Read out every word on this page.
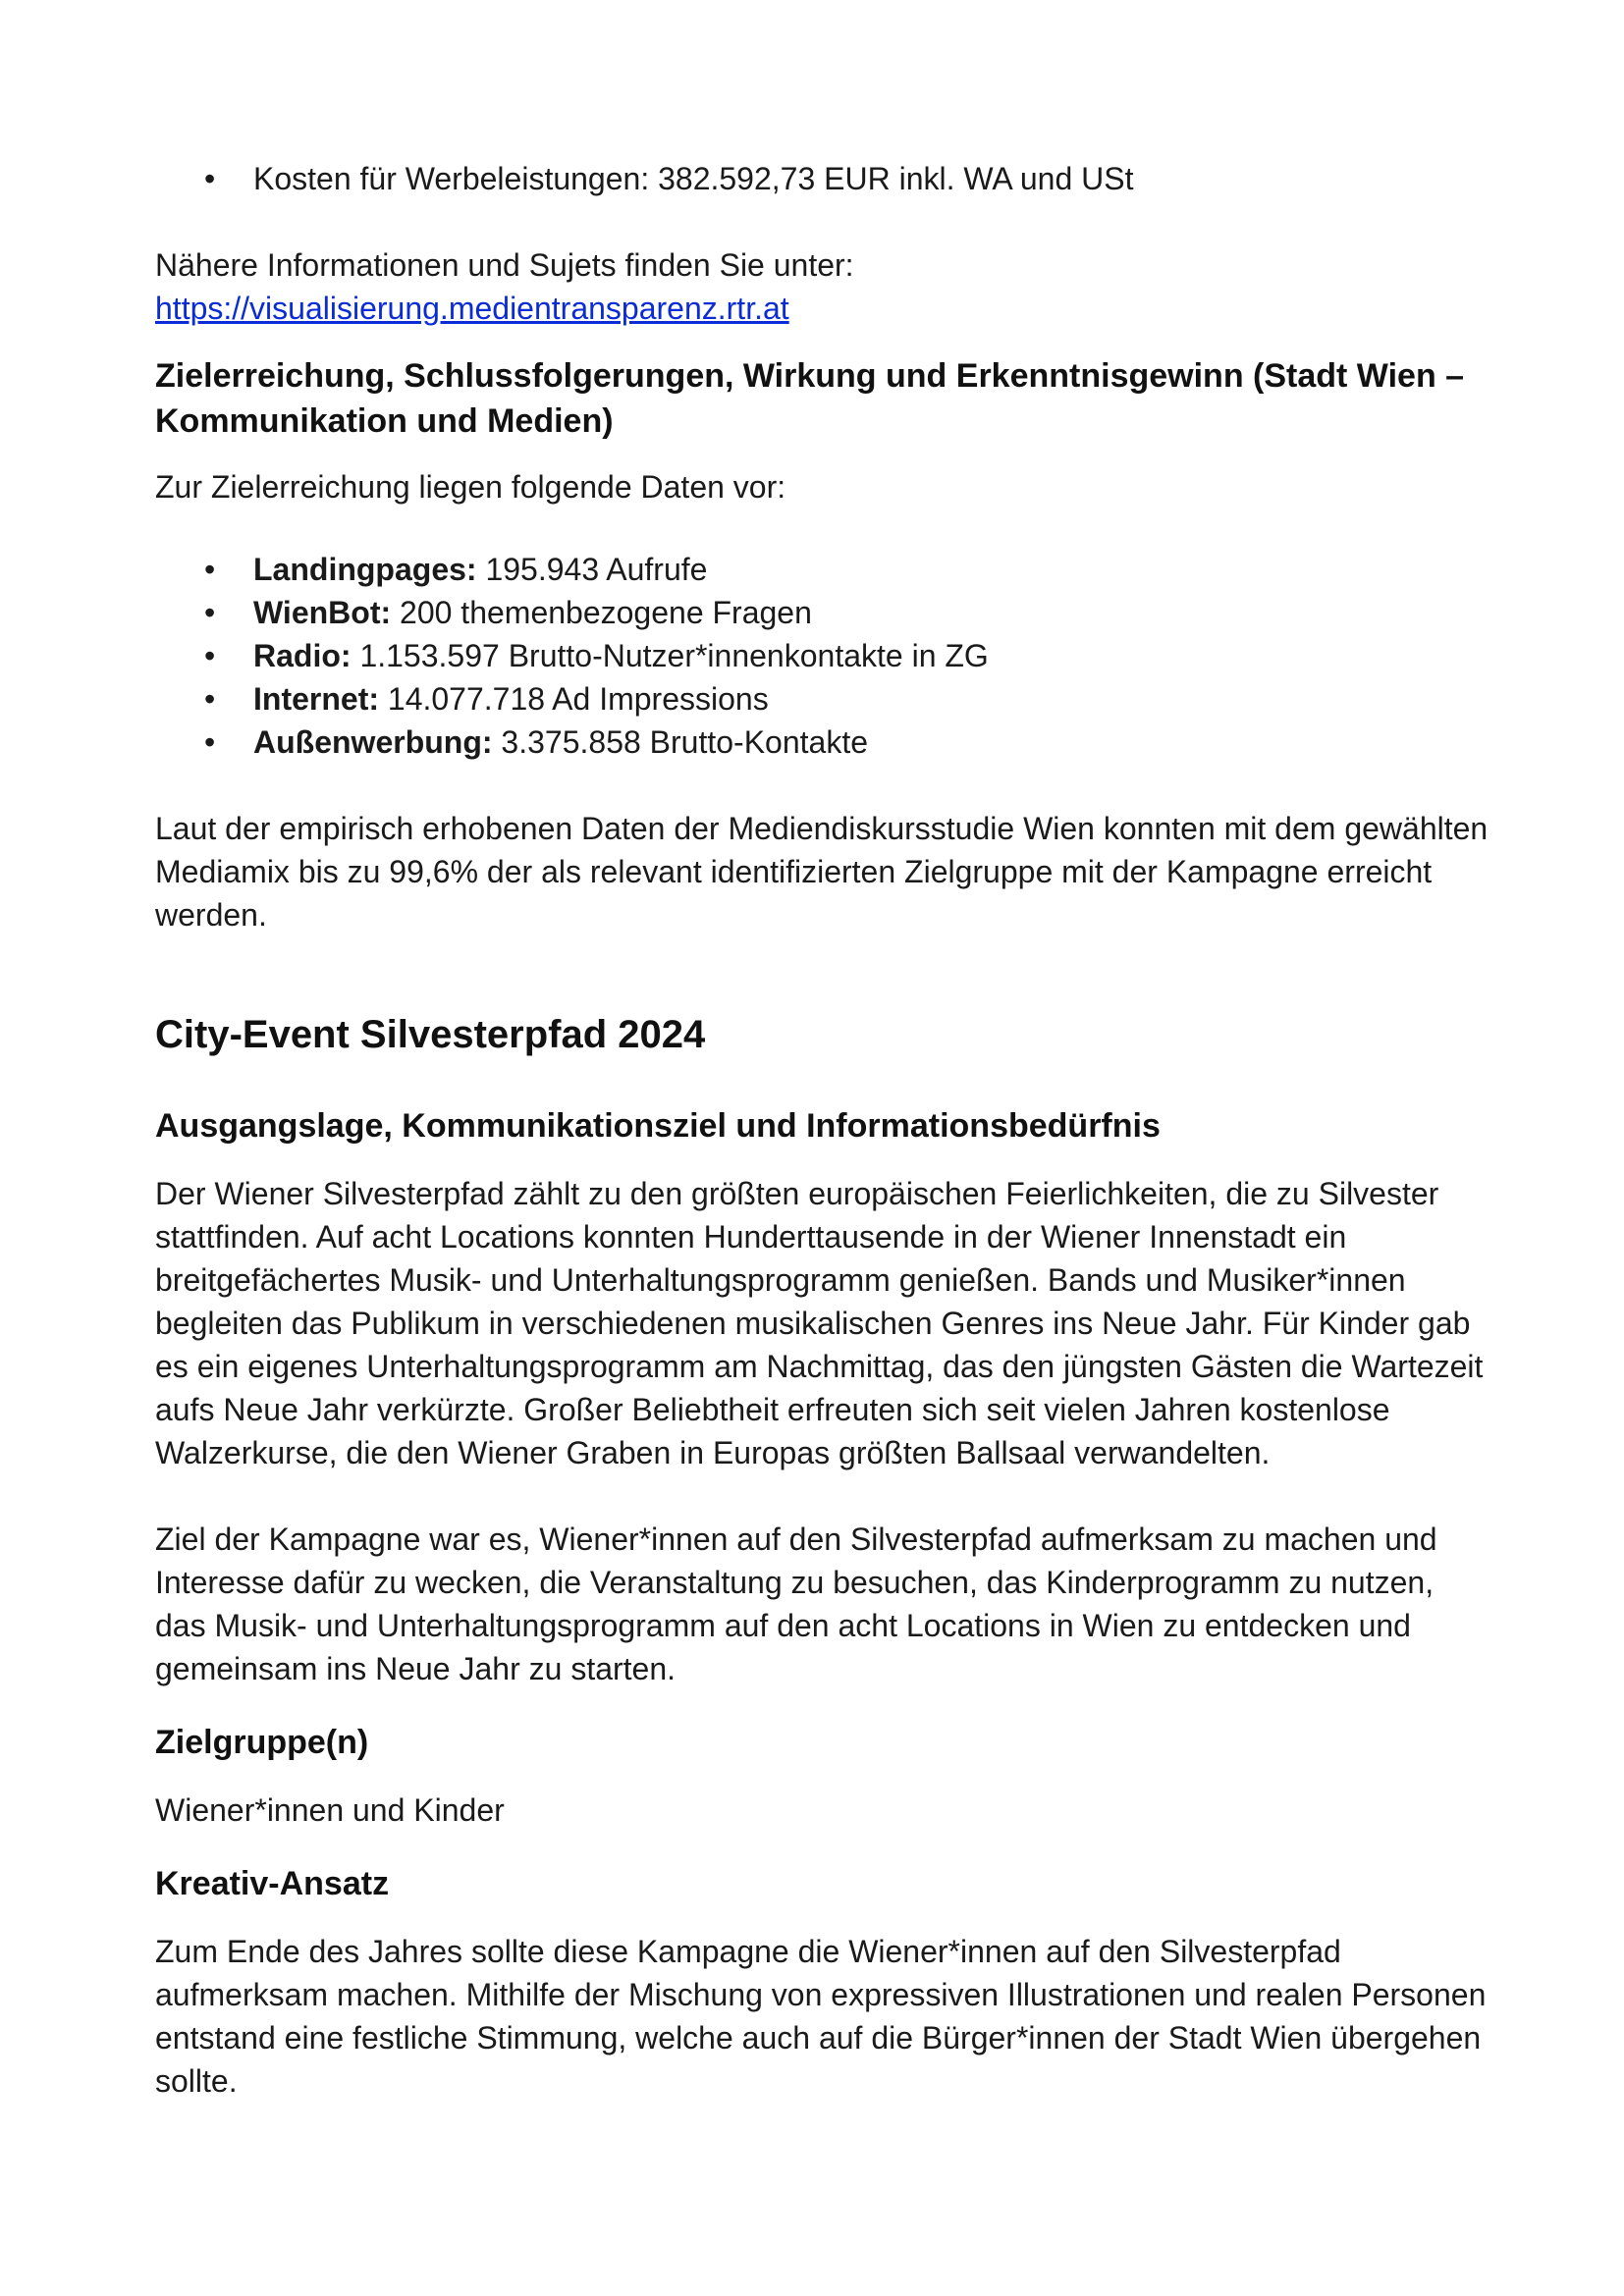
• Kosten für Werbeleistungen: 382.592,73 EUR inkl. WA und USt

Nähere Informationen und Sujets finden Sie unter:
https://visualisierung.medientransparenz.rtr.at

Zielerreichung, Schlussfolgerungen, Wirkung und Erkenntnisgewinn (Stadt Wien – Kommunikation und Medien)

Zur Zielerreichung liegen folgende Daten vor:

• Landingpages: 195.943 Aufrufe
• WienBot: 200 themenbezogene Fragen
• Radio: 1.153.597 Brutto-Nutzer*innenkontakte in ZG
• Internet: 14.077.718 Ad Impressions
• Außenwerbung: 3.375.858 Brutto-Kontakte

Laut der empirisch erhobenen Daten der Mediendiskursstudie Wien konnten mit dem gewählten Mediamix bis zu 99,6% der als relevant identifizierten Zielgruppe mit der Kampagne erreicht werden.

City-Event Silvesterpfad 2024
Ausgangslage, Kommunikationsziel und Informationsbedürfnis

Der Wiener Silvesterpfad zählt zu den größten europäischen Feierlichkeiten, die zu Silvester stattfinden. Auf acht Locations konnten Hunderttausende in der Wiener Innenstadt ein breitgefächertes Musik- und Unterhaltungsprogramm genießen. Bands und Musiker*innen begleiten das Publikum in verschiedenen musikalischen Genres ins Neue Jahr. Für Kinder gab es ein eigenes Unterhaltungsprogramm am Nachmittag, das den jüngsten Gästen die Wartezeit aufs Neue Jahr verkürzte. Großer Beliebtheit erfreuten sich seit vielen Jahren kostenlose Walzerkurse, die den Wiener Graben in Europas größten Ballsaal verwandelten.

Ziel der Kampagne war es, Wiener*innen auf den Silvesterpfad aufmerksam zu machen und Interesse dafür zu wecken, die Veranstaltung zu besuchen, das Kinderprogramm zu nutzen, das Musik- und Unterhaltungsprogramm auf den acht Locations in Wien zu entdecken und gemeinsam ins Neue Jahr zu starten.

Zielgruppe(n)

Wiener*innen und Kinder

Kreativ-Ansatz

Zum Ende des Jahres sollte diese Kampagne die Wiener*innen auf den Silvesterpfad aufmerksam machen. Mithilfe der Mischung von expressiven Illustrationen und realen Personen entstand eine festliche Stimmung, welche auch auf die Bürger*innen der Stadt Wien übergehen sollte.
